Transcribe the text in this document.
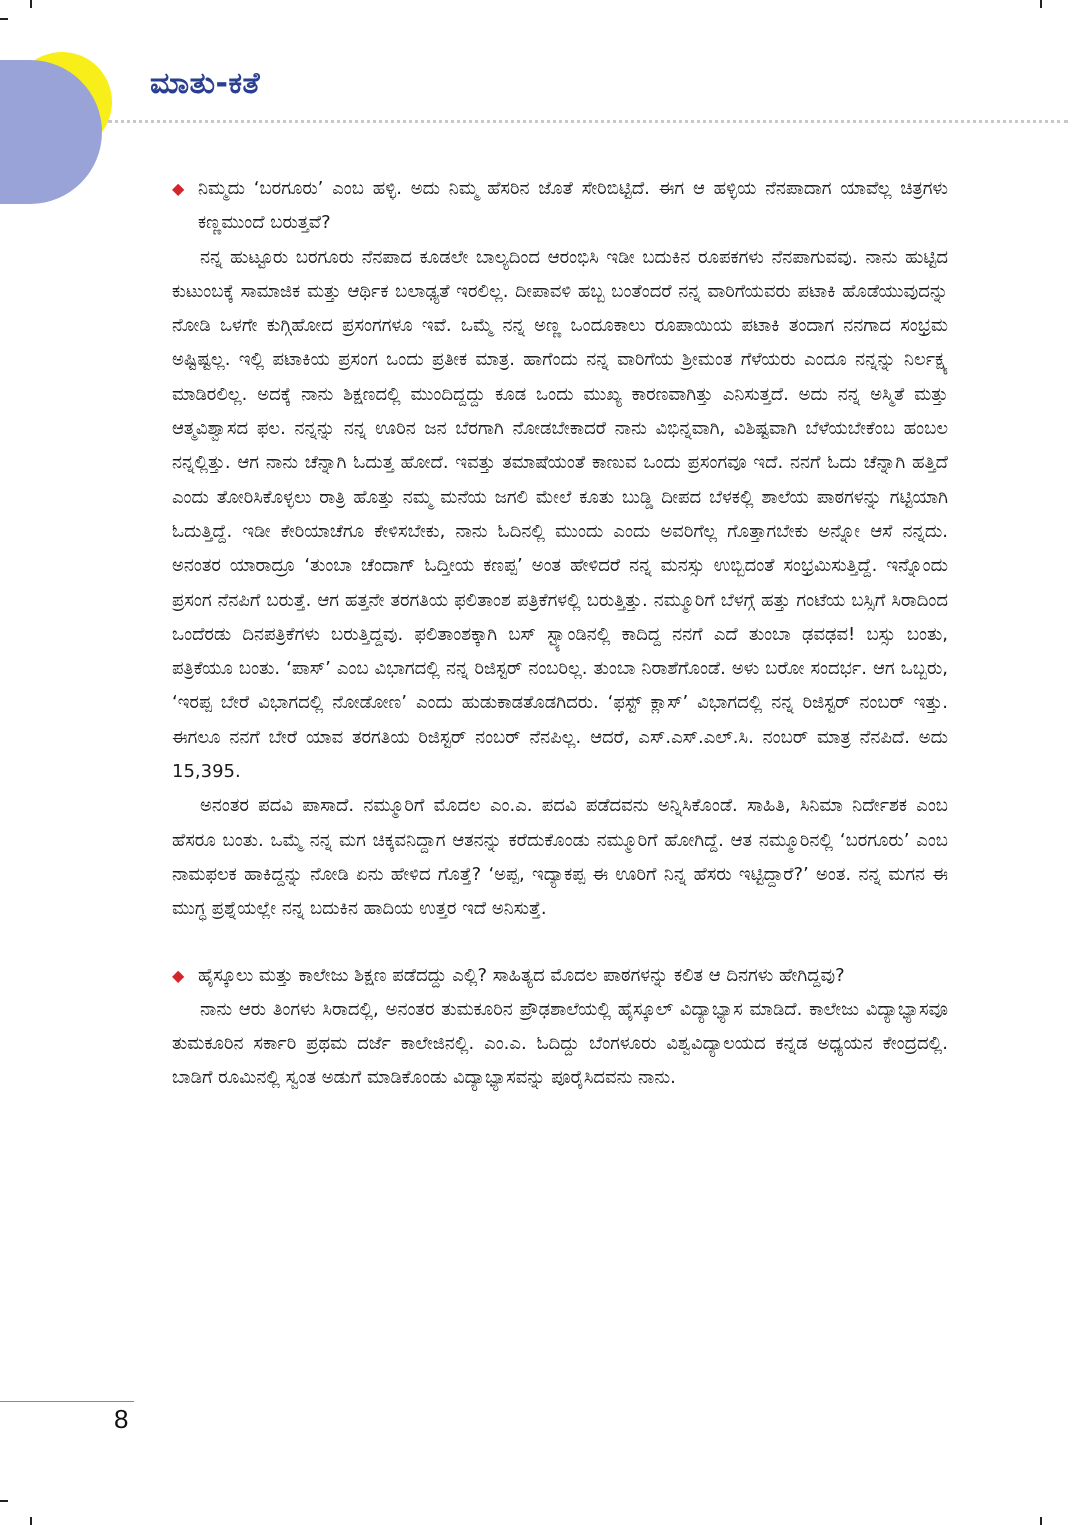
ಮಾತು-ಕತೆ

◆ ನಿಮ್ಮದು ‘ಬರಗೂರು’ ಎಂಬ ಹಳ್ಳಿ. ಅದು ನಿಮ್ಮ ಹೆಸರಿನ ಜೊತೆ ಸೇರಿಬಿಟ್ಟಿದೆ. ಈಗ ಆ ಹಳ್ಳಿಯ ನೆನಪಾದಾಗ ಯಾವೆಲ್ಲ ಚಿತ್ರಗಳು ಕಣ್ಣಮುಂದೆ ಬರುತ್ತವೆ?

ನನ್ನ ಹುಟ್ಟೂರು ಬರಗೂರು ನೆನಪಾದ ಕೂಡಲೇ ಬಾಲ್ಯದಿಂದ ಆರಂಭಿಸಿ ಇಡೀ ಬದುಕಿನ ರೂಪಕಗಳು ನೆನಪಾಗುವವು. ನಾನು ಹುಟ್ಟಿದ ಕುಟುಂಬಕ್ಕೆ ಸಾಮಾಜಿಕ ಮತ್ತು ಆರ್ಥಿಕ ಬಲಾಢ್ಯತೆ ಇರಲಿಲ್ಲ. ದೀಪಾವಳಿ ಹಬ್ಬ ಬಂತೆಂದರೆ ನನ್ನ ವಾರಿಗೆಯವರು ಪಟಾಕಿ ಹೊಡೆಯುವುದನ್ನು ನೋಡಿ ಒಳಗೇ ಕುಗ್ಗಿಹೋದ ಪ್ರಸಂಗಗಳೂ ಇವೆ. ಒಮ್ಮೆ ನನ್ನ ಅಣ್ಣ ಒಂದೂಕಾಲು ರೂಪಾಯಿಯ ಪಟಾಕಿ ತಂದಾಗ ನನಗಾದ ಸಂಭ್ರಮ ಅಷ್ಟಿಷ್ಟಲ್ಲ. ಇಲ್ಲಿ ಪಟಾಕಿಯ ಪ್ರಸಂಗ ಒಂದು ಪ್ರತೀಕ ಮಾತ್ರ. ಹಾಗೆಂದು ನನ್ನ ವಾರಿಗೆಯ ಶ್ರೀಮಂತ ಗೆಳೆಯರು ಎಂದೂ ನನ್ನನ್ನು ನಿರ್ಲಕ್ಷ್ಯ ಮಾಡಿರಲಿಲ್ಲ. ಅದಕ್ಕೆ ನಾನು ಶಿಕ್ಷಣದಲ್ಲಿ ಮುಂದಿದ್ದದ್ದು ಕೂಡ ಒಂದು ಮುಖ್ಯ ಕಾರಣವಾಗಿತ್ತು ಎನಿಸುತ್ತದೆ. ಅದು ನನ್ನ ಅಸ್ಮಿತೆ ಮತ್ತು ಆತ್ಮವಿಶ್ವಾಸದ ಫಲ. ನನ್ನನ್ನು ನನ್ನ ಊರಿನ ಜನ ಬೆರಗಾಗಿ ನೋಡಬೇಕಾದರೆ ನಾನು ವಿಭಿನ್ನವಾಗಿ, ವಿಶಿಷ್ಟವಾಗಿ ಬೆಳೆಯಬೇಕೆಂಬ ಹಂಬಲ ನನ್ನಲ್ಲಿತ್ತು. ಆಗ ನಾನು ಚೆನ್ನಾಗಿ ಓದುತ್ತ ಹೋದೆ. ಇವತ್ತು ತಮಾಷೆಯಂತೆ ಕಾಣುವ ಒಂದು ಪ್ರಸಂಗವೂ ಇದೆ. ನನಗೆ ಓದು ಚೆನ್ನಾಗಿ ಹತ್ತಿದೆ ಎಂದು ತೋರಿಸಿಕೊಳ್ಳಲು ರಾತ್ರಿ ಹೊತ್ತು ನಮ್ಮ ಮನೆಯ ಜಗಲಿ ಮೇಲೆ ಕೂತು ಬುಡ್ಡಿ ದೀಪದ ಬೆಳಕಲ್ಲಿ ಶಾಲೆಯ ಪಾಠಗಳನ್ನು ಗಟ್ಟಿಯಾಗಿ ಓದುತ್ತಿದ್ದೆ. ಇಡೀ ಕೇರಿಯಾಚೆಗೂ ಕೇಳಿಸಬೇಕು, ನಾನು ಓದಿನಲ್ಲಿ ಮುಂದು ಎಂದು ಅವರಿಗೆಲ್ಲ ಗೊತ್ತಾಗಬೇಕು ಅನ್ನೋ ಆಸೆ ನನ್ನದು. ಅನಂತರ ಯಾರಾದ್ರೂ ‘ತುಂಬಾ ಚೆಂದಾಗ್ ಓದ್ತೀಯ ಕಣಪ್ಪ’ ಅಂತ ಹೇಳಿದರೆ ನನ್ನ ಮನಸ್ಸು ಉಬ್ಬಿದಂತೆ ಸಂಭ್ರಮಿಸುತ್ತಿದ್ದೆ. ಇನ್ನೊಂದು ಪ್ರಸಂಗ ನೆನಪಿಗೆ ಬರುತ್ತೆ. ಆಗ ಹತ್ತನೇ ತರಗತಿಯ ಫಲಿತಾಂಶ ಪತ್ರಿಕೆಗಳಲ್ಲಿ ಬರುತ್ತಿತ್ತು. ನಮ್ಮೂರಿಗೆ ಬೆಳಗ್ಗೆ ಹತ್ತು ಗಂಟೆಯ ಬಸ್ಸಿಗೆ ಸಿರಾದಿಂದ ಒಂದೆರಡು ದಿನಪತ್ರಿಕೆಗಳು ಬರುತ್ತಿದ್ದವು. ಫಲಿತಾಂಶಕ್ಕಾಗಿ ಬಸ್ ಸ್ಟ್ಯಾಂಡಿನಲ್ಲಿ ಕಾದಿದ್ದ ನನಗೆ ಎದೆ ತುಂಬಾ ಢವಢವ! ಬಸ್ಸು ಬಂತು, ಪತ್ರಿಕೆಯೂ ಬಂತು. ‘ಪಾಸ್’ ಎಂಬ ವಿಭಾಗದಲ್ಲಿ ನನ್ನ ರಿಜಿಸ್ಟರ್ ನಂಬರಿಲ್ಲ. ತುಂಬಾ ನಿರಾಶೆಗೊಂಡೆ. ಅಳು ಬರೋ ಸಂದರ್ಭ. ಆಗ ಒಬ್ಬರು, ‘ಇರಪ್ಪ ಬೇರೆ ವಿಭಾಗದಲ್ಲಿ ನೋಡೋಣ’ ಎಂದು ಹುಡುಕಾಡತೊಡಗಿದರು. ‘ಫಸ್ಟ್ ಕ್ಲಾಸ್’ ವಿಭಾಗದಲ್ಲಿ ನನ್ನ ರಿಜಿಸ್ಟರ್ ನಂಬರ್ ಇತ್ತು. ಈಗಲೂ ನನಗೆ ಬೇರೆ ಯಾವ ತರಗತಿಯ ರಿಜಿಸ್ಟರ್ ನಂಬರ್ ನೆನಪಿಲ್ಲ. ಆದರೆ, ಎಸ್.ಎಸ್.ಎಲ್.ಸಿ. ನಂಬರ್ ಮಾತ್ರ ನೆನಪಿದೆ. ಅದು 15,395.

ಅನಂತರ ಪದವಿ ಪಾಸಾದೆ. ನಮ್ಮೂರಿಗೆ ಮೊದಲ ಎಂ.ಎ. ಪದವಿ ಪಡೆದವನು ಅನ್ನಿಸಿಕೊಂಡೆ. ಸಾಹಿತಿ, ಸಿನಿಮಾ ನಿರ್ದೇಶಕ ಎಂಬ ಹೆಸರೂ ಬಂತು. ಒಮ್ಮೆ ನನ್ನ ಮಗ ಚಿಕ್ಕವನಿದ್ದಾಗ ಆತನನ್ನು ಕರೆದುಕೊಂಡು ನಮ್ಮೂರಿಗೆ ಹೋಗಿದ್ದೆ. ಆತ ನಮ್ಮೂರಿನಲ್ಲಿ ‘ಬರಗೂರು’ ಎಂಬ ನಾಮಫಲಕ ಹಾಕಿದ್ದನ್ನು ನೋಡಿ ಏನು ಹೇಳಿದ ಗೊತ್ತೆ? ‘ಅಪ್ಪ, ಇದ್ಯಾಕಪ್ಪ ಈ ಊರಿಗೆ ನಿನ್ನ ಹೆಸರು ಇಟ್ಟಿದ್ದಾರೆ?’ ಅಂತ. ನನ್ನ ಮಗನ ಈ ಮುಗ್ಧ ಪ್ರಶ್ನೆಯಲ್ಲೇ ನನ್ನ ಬದುಕಿನ ಹಾದಿಯ ಉತ್ತರ ಇದೆ ಅನಿಸುತ್ತೆ.

◆ ಹೈಸ್ಕೂಲು ಮತ್ತು ಕಾಲೇಜು ಶಿಕ್ಷಣ ಪಡೆದದ್ದು ಎಲ್ಲಿ? ಸಾಹಿತ್ಯದ ಮೊದಲ ಪಾಠಗಳನ್ನು ಕಲಿತ ಆ ದಿನಗಳು ಹೇಗಿದ್ದವು?

ನಾನು ಆರು ತಿಂಗಳು ಸಿರಾದಲ್ಲಿ, ಅನಂತರ ತುಮಕೂರಿನ ಪ್ರೌಢಶಾಲೆಯಲ್ಲಿ ಹೈಸ್ಕೂಲ್ ವಿದ್ಯಾಭ್ಯಾಸ ಮಾಡಿದೆ. ಕಾಲೇಜು ವಿದ್ಯಾಭ್ಯಾಸವೂ ತುಮಕೂರಿನ ಸರ್ಕಾರಿ ಪ್ರಥಮ ದರ್ಜೆ ಕಾಲೇಜಿನಲ್ಲಿ. ಎಂ.ಎ. ಓದಿದ್ದು ಬೆಂಗಳೂರು ವಿಶ್ವವಿದ್ಯಾಲಯದ ಕನ್ನಡ ಅಧ್ಯಯನ ಕೇಂದ್ರದಲ್ಲಿ. ಬಾಡಿಗೆ ರೂಮಿನಲ್ಲಿ ಸ್ವಂತ ಅಡುಗೆ ಮಾಡಿಕೊಂಡು ವಿದ್ಯಾಭ್ಯಾಸವನ್ನು ಪೂರೈಸಿದವನು ನಾನು.

8
